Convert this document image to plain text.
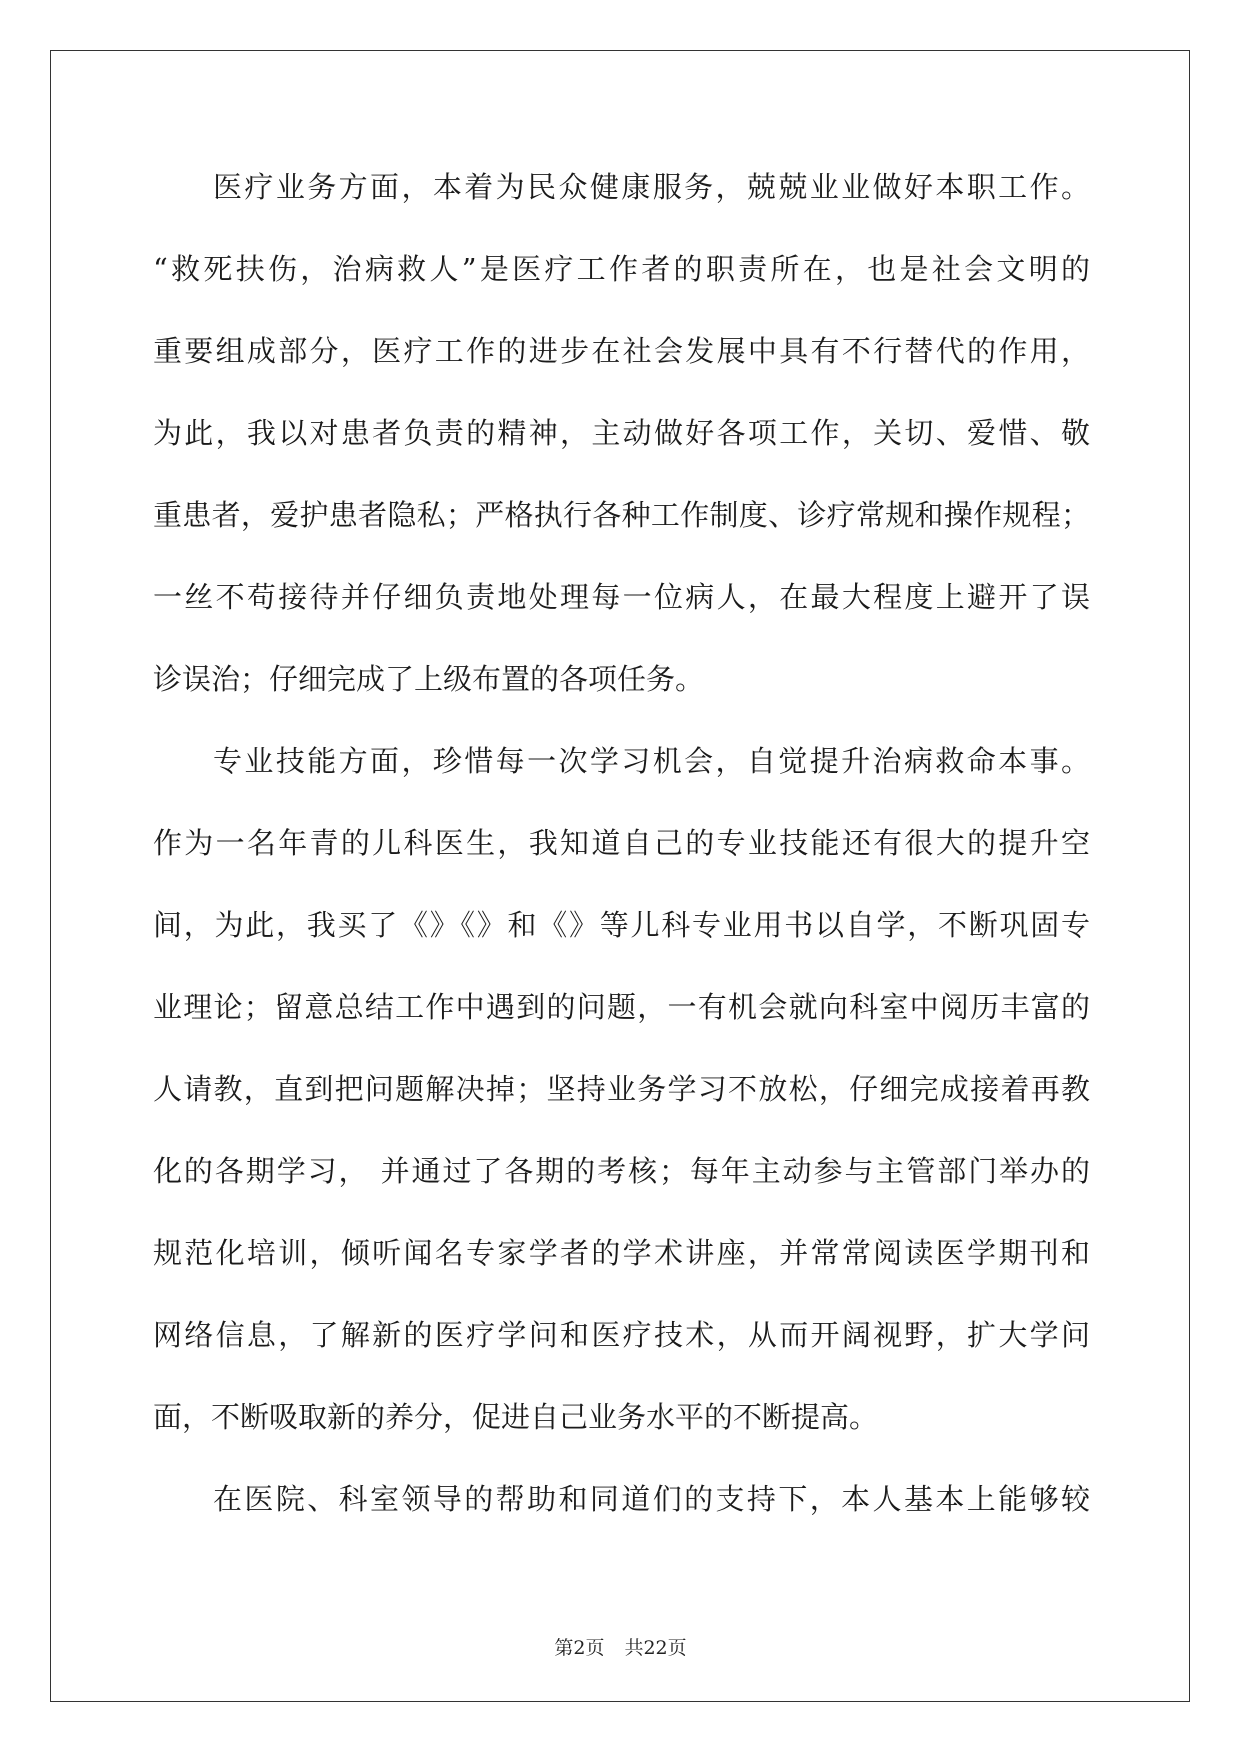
医疗业务方面，本着为民众健康服务，兢兢业业做好本职工作。
“救死扶伤，治病救人”是医疗工作者的职责所在，也是社会文明的
重要组成部分，医疗工作的进步在社会发展中具有不行替代的作用，
为此，我以对患者负责的精神，主动做好各项工作，关切、爱惜、敬
重患者，爱护患者隐私；严格执行各种工作制度、诊疗常规和操作规程；
一丝不苟接待并仔细负责地处理每一位病人，在最大程度上避开了误
诊误治；仔细完成了上级布置的各项任务。
专业技能方面，珍惜每一次学习机会，自觉提升治病救命本事。
作为一名年青的儿科医生，我知道自己的专业技能还有很大的提升空
间，为此，我买了《》《》和《》等儿科专业用书以自学，不断巩固专
业理论；留意总结工作中遇到的问题，一有机会就向科室中阅历丰富的
人请教，直到把问题解决掉；坚持业务学习不放松，仔细完成接着再教
化的各期学习， 并通过了各期的考核；每年主动参与主管部门举办的
规范化培训，倾听闻名专家学者的学术讲座，并常常阅读医学期刊和
网络信息，了解新的医疗学问和医疗技术，从而开阔视野，扩大学问
面，不断吸取新的养分，促进自己业务水平的不断提高。
在医院、科室领导的帮助和同道们的支持下，本人基本上能够较
第2页 共22页
